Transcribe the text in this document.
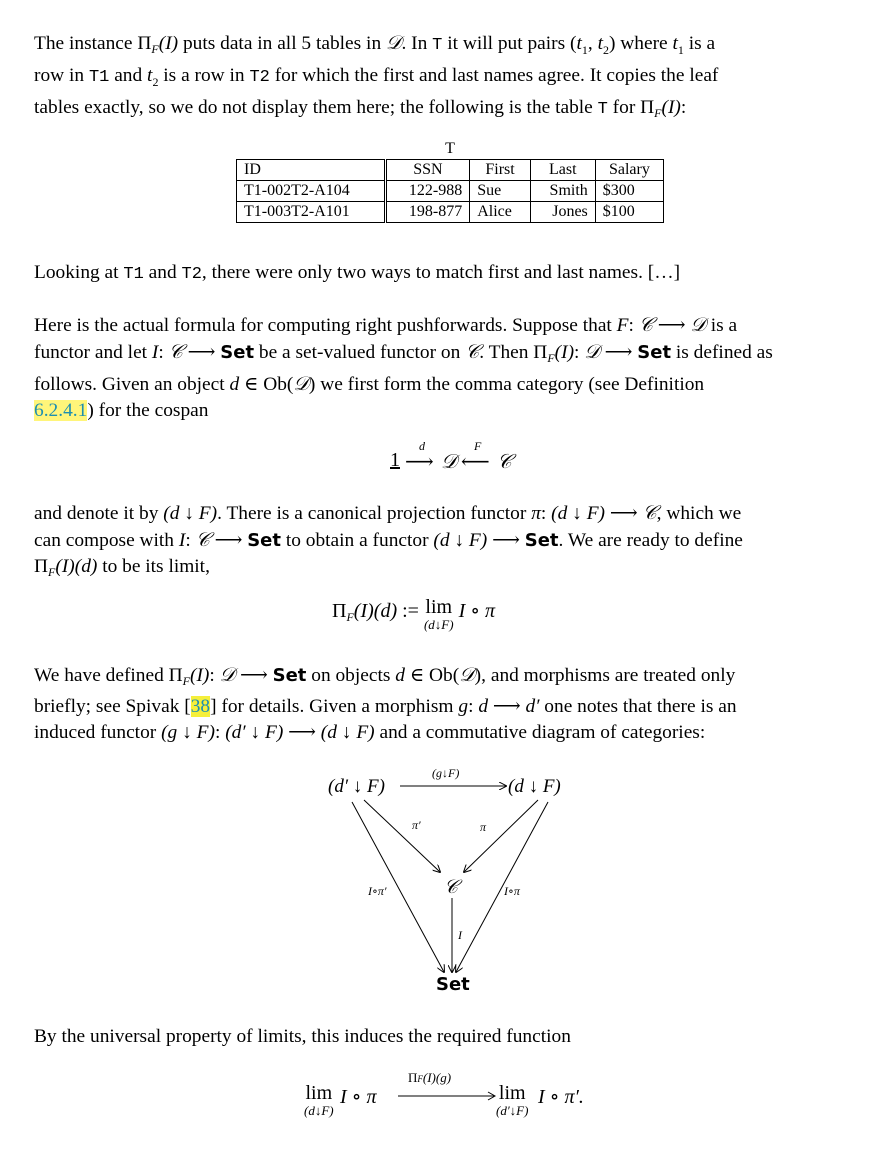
The instance $\Pi_F(I)$ puts data in all 5 tables in 𝒟. In T it will put pairs ($t_1$, $t_2$) where $t_1$ is a
row in T1 and $t_2$ is a row in T2 for which the first and last names agree. It copies the leaf
tables exactly, so we do not display them here; the following is the table T for $\Pi_F(I)$:

T
ID	SSN	First	Last	Salary
T1-002T2-A104	122-988	Sue	Smith	$300
T1-003T2-A101	198-877	Alice	Jones	$100

Looking at T1 and T2, there were only two ways to match first and last names. […]

Here is the actual formula for computing right pushforwards. Suppose that F: 𝒞 ⟶ 𝒟 is a
functor and let I: 𝒞 ⟶ Set be a set-valued functor on 𝒞. Then $\Pi_F(I)$: 𝒟 ⟶ Set is defined as
follows. Given an object d ∈ Ob(𝒟) we first form the comma category (see Definition
6.2.4.1) for the cospan

d	F
1 ⟶ 𝒟 ⟵ 𝒞

and denote it by (d ↓ F). There is a canonical projection functor π: (d ↓ F) ⟶ 𝒞, which we
can compose with I: 𝒞 ⟶ Set to obtain a functor (d ↓ F) ⟶ Set. We are ready to define
$\Pi_F(I)(d)$ to be its limit,

$\Pi_F(I)(d)$ := lim
(d↓F)
I ∘ π

We have defined $\Pi_F(I)$: 𝒟 ⟶ Set on objects d ∈ Ob(𝒟), and morphisms are treated only
briefly; see Spivak [38] for details. Given a morphism g: d ⟶ d′ one notes that there is an
induced functor (g ↓ F): (d′ ↓ F) ⟶ (d ↓ F) and a commutative diagram of categories:

(d′ ↓ F)	(d ↓ F)
(g↓F)
π′	π
𝒞
I∘π′	I∘π
I
Set

By the universal property of limits, this induces the required function

lim
(d↓F)
I ∘ π
ΠF(I)(g)
lim
(d′↓F)
I ∘ π′.
